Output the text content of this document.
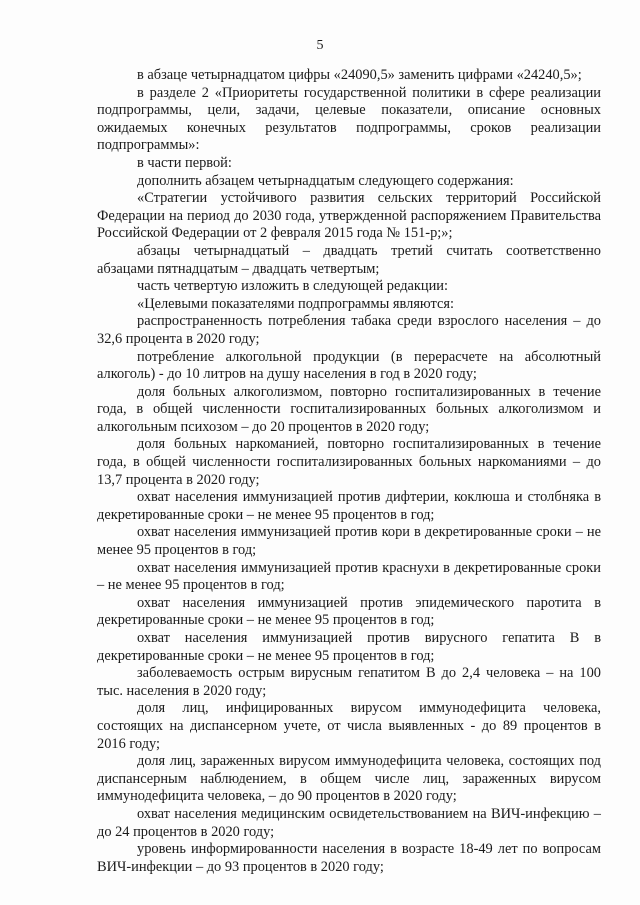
5

в абзаце четырнадцатом цифры «24090,5» заменить цифрами «24240,5»;

в разделе 2 «Приоритеты государственной политики в сфере реализации подпрограммы, цели, задачи, целевые показатели, описание основных ожидаемых конечных результатов подпрограммы, сроков реализации подпрограммы»:

в части первой:

дополнить абзацем четырнадцатым следующего содержания:

«Стратегии устойчивого развития сельских территорий Российской Федерации на период до 2030 года, утвержденной распоряжением Правительства Российской Федерации от 2 февраля 2015 года № 151-р;»;

абзацы четырнадцатый – двадцать третий считать соответственно абзацами пятнадцатым – двадцать четвертым;

часть четвертую изложить в следующей редакции:

«Целевыми показателями подпрограммы являются:

распространенность потребления табака среди взрослого населения – до 32,6 процента в 2020 году;

потребление алкогольной продукции (в перерасчете на абсолютный алкоголь) - до 10 литров на душу населения в год в 2020 году;

доля больных алкоголизмом, повторно госпитализированных в течение года, в общей численности госпитализированных больных алкоголизмом и алкогольным психозом – до 20 процентов в 2020 году;

доля больных наркоманией, повторно госпитализированных в течение года, в общей численности госпитализированных больных наркоманиями – до 13,7 процента в 2020 году;

охват населения иммунизацией против дифтерии, коклюша и столбняка в декретированные сроки – не менее 95 процентов в год;

охват населения иммунизацией против кори в декретированные сроки – не менее 95 процентов в год;

охват населения иммунизацией против краснухи в декретированные сроки – не менее 95 процентов в год;

охват населения иммунизацией против эпидемического паротита в декретированные сроки – не менее 95 процентов в год;

охват населения иммунизацией против вирусного гепатита В в декретированные сроки – не менее 95 процентов в год;

заболеваемость острым вирусным гепатитом В до 2,4 человека – на 100 тыс. населения в 2020 году;

доля лиц, инфицированных вирусом иммунодефицита человека, состоящих на диспансерном учете, от числа выявленных - до 89 процентов в 2016 году;

доля лиц, зараженных вирусом иммунодефицита человека, состоящих под диспансерным наблюдением, в общем числе лиц, зараженных вирусом иммунодефицита человека, – до 90 процентов в 2020 году;

охват населения медицинским освидетельствованием на ВИЧ-инфекцию – до 24 процентов в 2020 году;

уровень информированности населения в возрасте 18-49 лет по вопросам ВИЧ-инфекции – до 93 процентов в 2020 году;
